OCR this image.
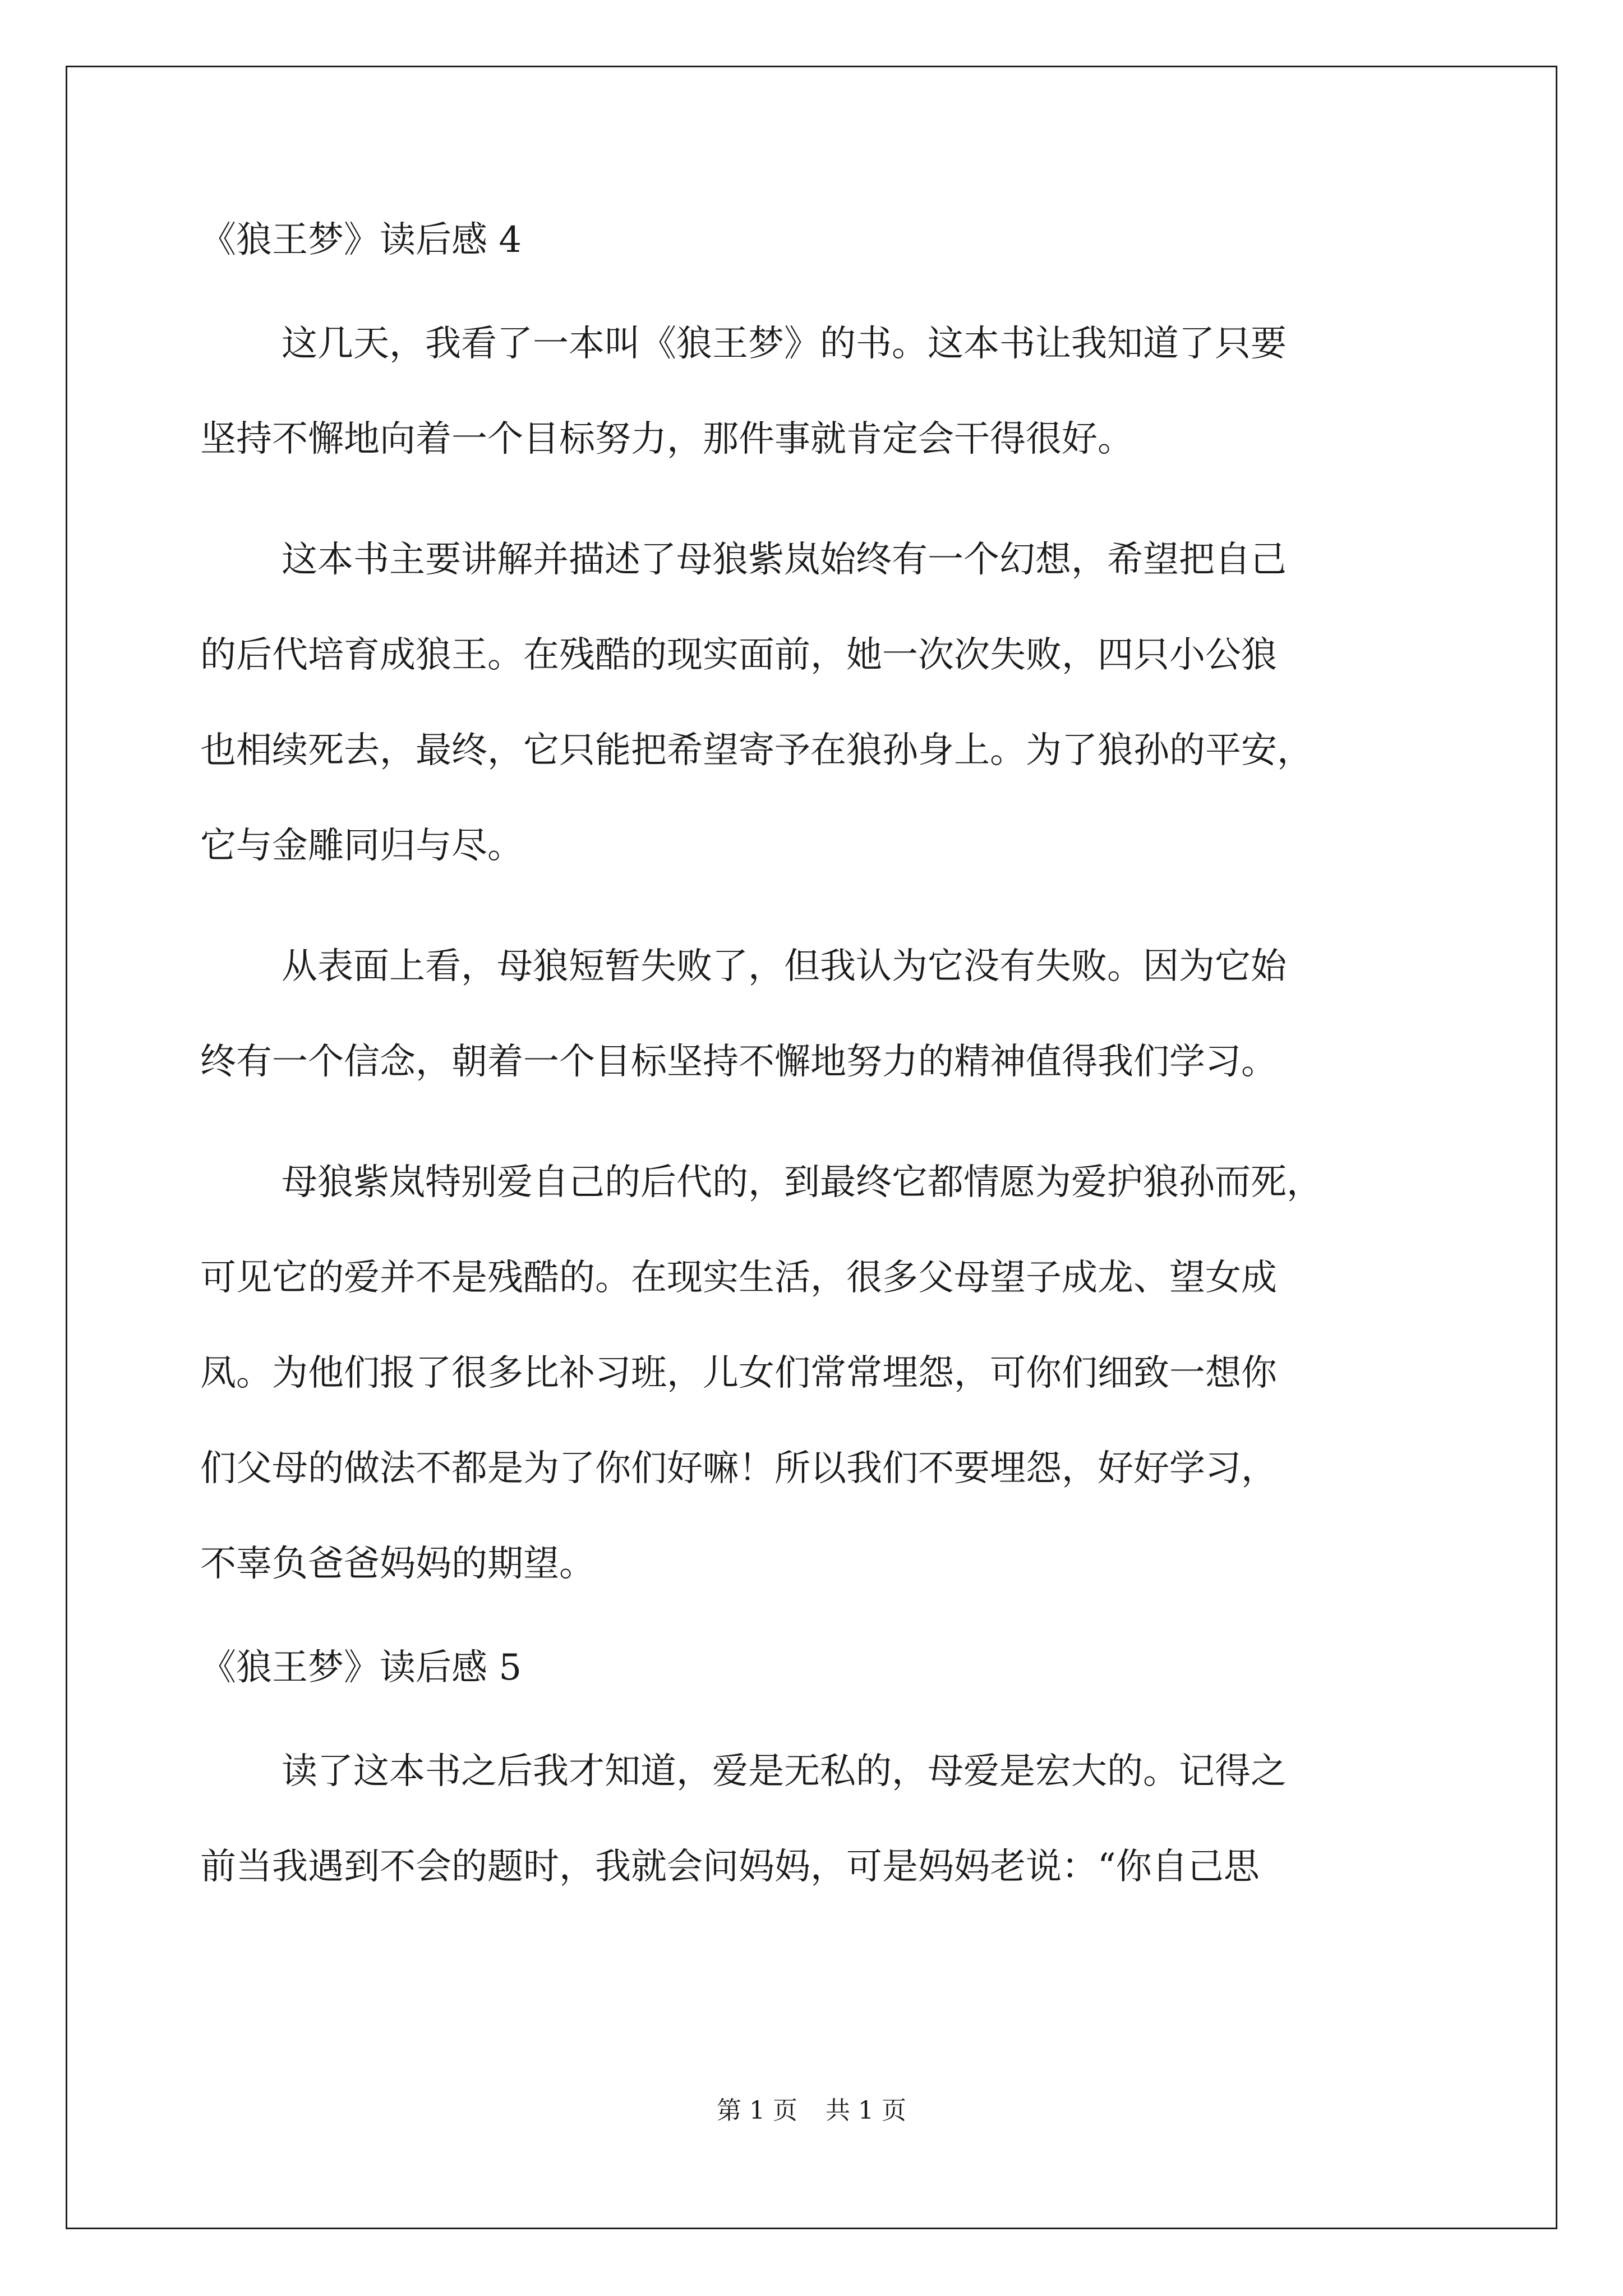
《狼王梦》读后感 4
这几天，我看了一本叫《狼王梦》的书。这本书让我知道了只要
坚持不懈地向着一个目标努力，那件事就肯定会干得很好。
这本书主要讲解并描述了母狼紫岚始终有一个幻想，希望把自己
的后代培育成狼王。在残酷的现实面前，她一次次失败，四只小公狼
也相续死去，最终，它只能把希望寄予在狼孙身上。为了狼孙的平安，
它与金雕同归与尽。
从表面上看，母狼短暂失败了，但我认为它没有失败。因为它始
终有一个信念，朝着一个目标坚持不懈地努力的精神值得我们学习。
母狼紫岚特别爱自己的后代的，到最终它都情愿为爱护狼孙而死，
可见它的爱并不是残酷的。在现实生活，很多父母望子成龙、望女成
凤。为他们报了很多比补习班，儿女们常常埋怨，可你们细致一想你
们父母的做法不都是为了你们好嘛！所以我们不要埋怨，好好学习，
不辜负爸爸妈妈的期望。
《狼王梦》读后感 5
读了这本书之后我才知道，爱是无私的，母爱是宏大的。记得之
前当我遇到不会的题时，我就会问妈妈，可是妈妈老说：“你自己思
第 1 页 共 1 页
